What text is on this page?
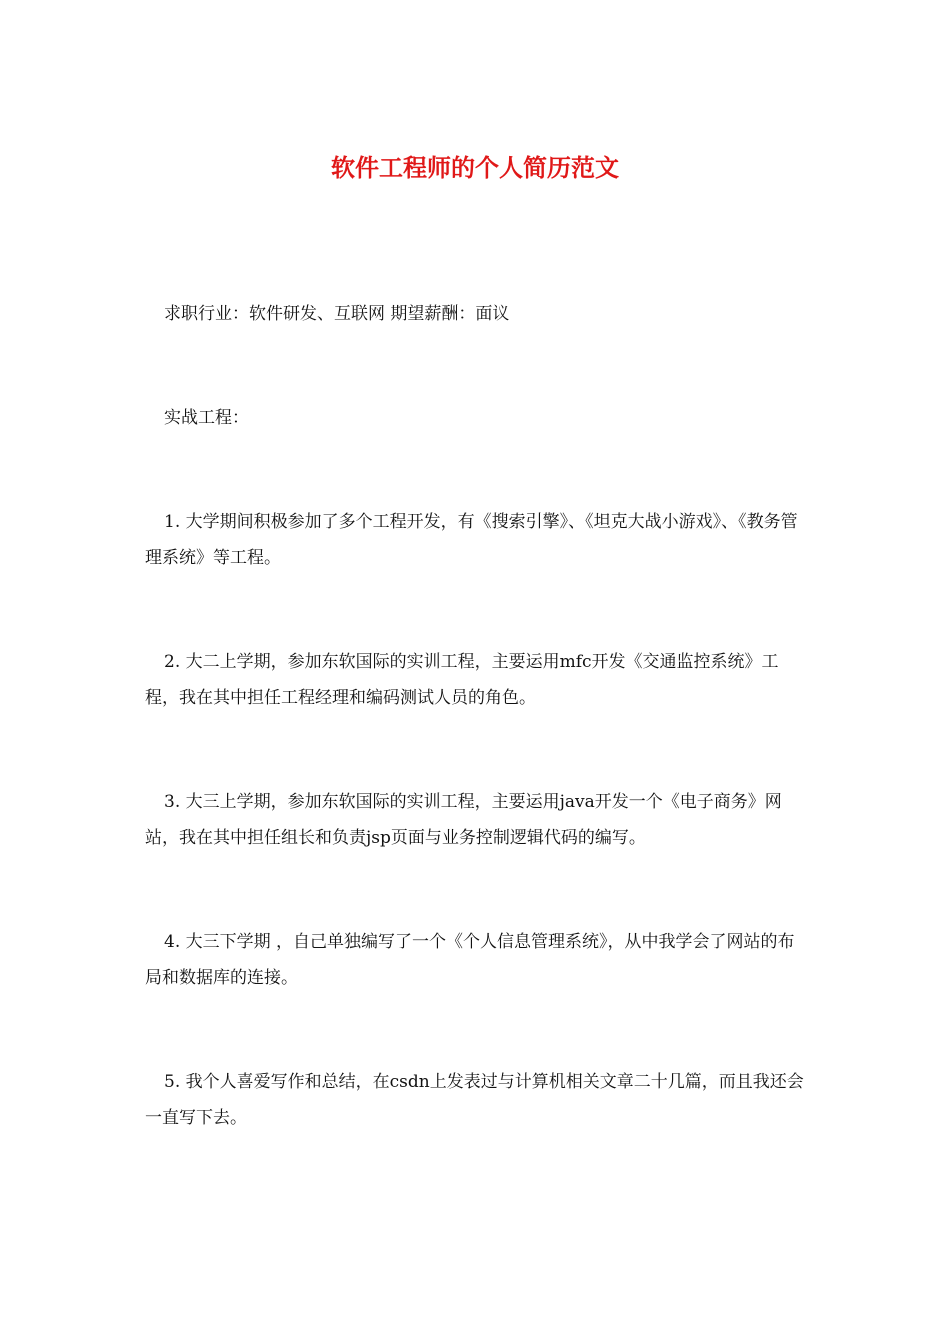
软件工程师的个人简历范文

求职行业：软件研发、互联网 期望薪酬：面议

实战工程：

1. 大学期间积极参加了多个工程开发，有《搜索引擎》、《坦克大战小游戏》、《教务管理系统》等工程。

2. 大二上学期，参加东软国际的实训工程，主要运用mfc开发《交通监控系统》工程，我在其中担任工程经理和编码测试人员的角色。

3. 大三上学期，参加东软国际的实训工程，主要运用java开发一个《电子商务》网站，我在其中担任组长和负责jsp页面与业务控制逻辑代码的编写。

4. 大三下学期 ，自己单独编写了一个《个人信息管理系统》，从中我学会了网站的布局和数据库的连接。

5. 我个人喜爱写作和总结，在csdn上发表过与计算机相关文章二十几篇，而且我还会一直写下去。
